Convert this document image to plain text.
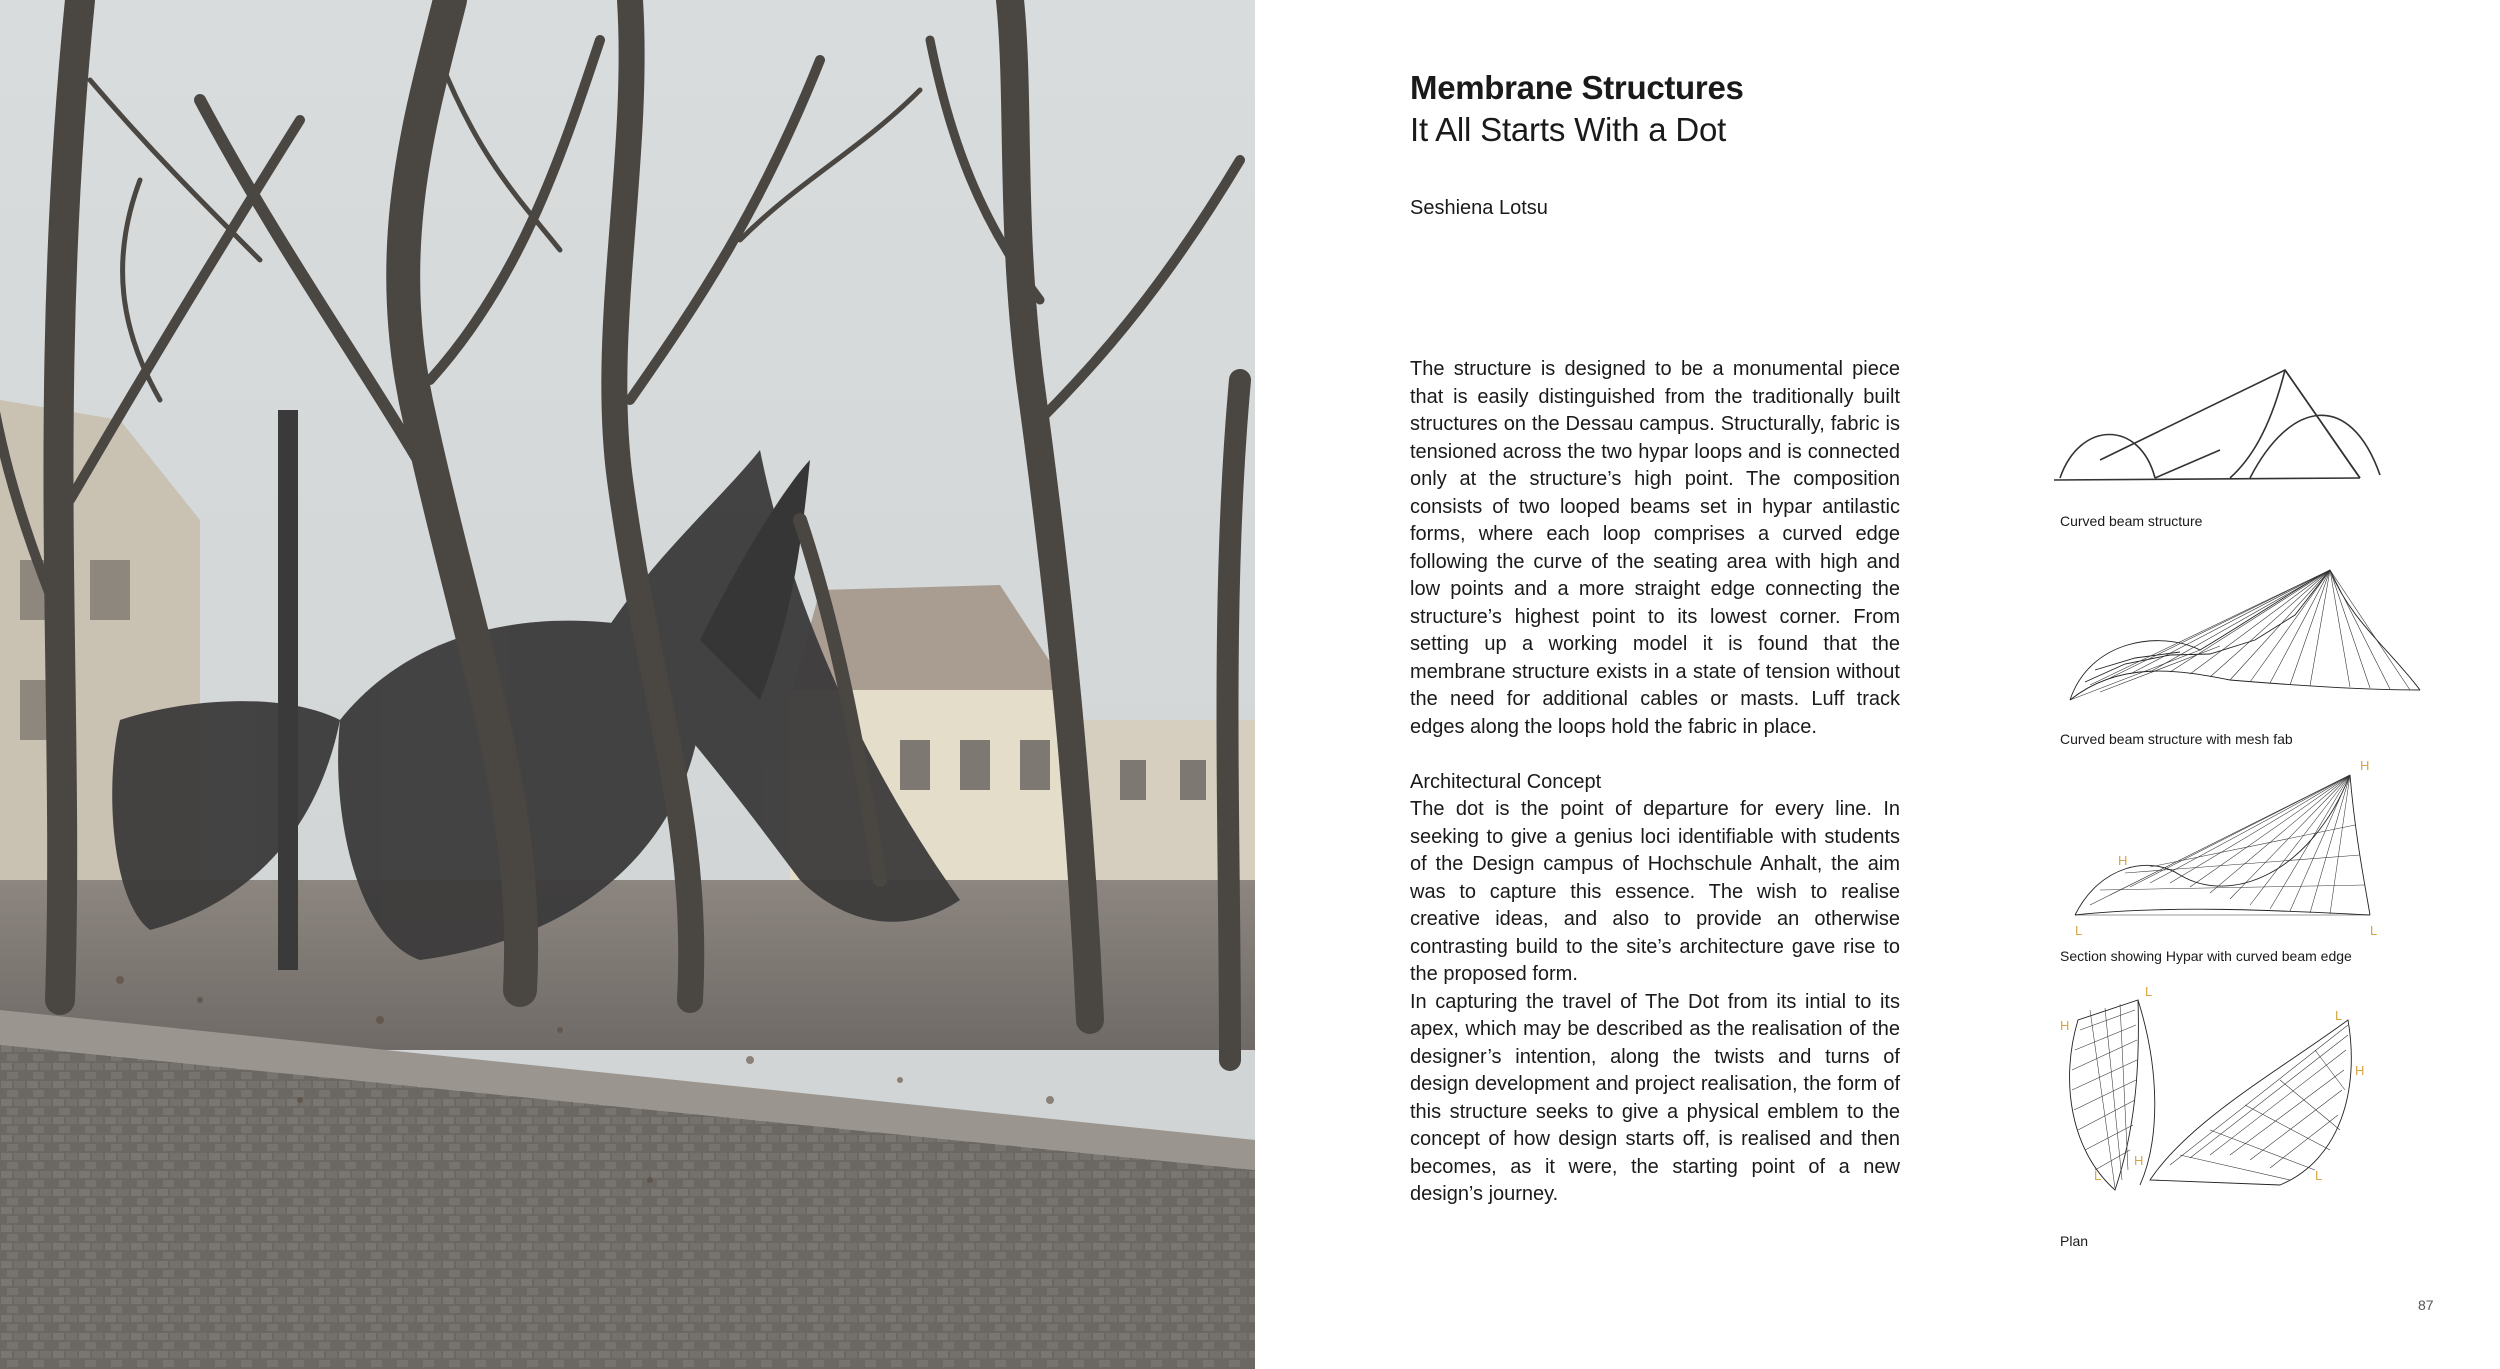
Membrane Structures
It All Starts With a Dot
Seshiena Lotsu

The structure is designed to be a monumental piece that is easily distinguished from the traditionally built structures on the Dessau campus. Structurally, fabric is tensioned across the two hypar loops and is connected only at the structure’s high point. The composition consists of two looped beams set in hypar antilastic forms, where each loop comprises a curved edge following the curve of the seating area with high and low points and a more straight edge connecting the structure’s highest point to its lowest corner. From setting up a working model it is found that the membrane structure exists in a state of tension without the need for additional cables or masts. Luff track edges along the loops hold the fabric in place.

Architectural Concept

The dot is the point of departure for every line. In seeking to give a genius loci identifiable with students of the Design campus of Hochschule Anhalt, the aim was to capture this essence. The wish to realise creative ideas, and also to provide an otherwise contrasting build to the site’s architecture gave rise to the proposed form.

In capturing the travel of The Dot from its intial to its apex, which may be described as the realisation of the designer’s intention, along the twists and turns of design development and project realisation, the form of this structure seeks to give a physical emblem to the concept of how design starts off, is realised and then becomes, as it were, the starting point of a new design’s journey.

Curved beam structure
Curved beam structure with mesh fab
H
H
L	L
Section showing Hypar with curved beam edge
L
H
L
H
H
L	L
Plan
87
